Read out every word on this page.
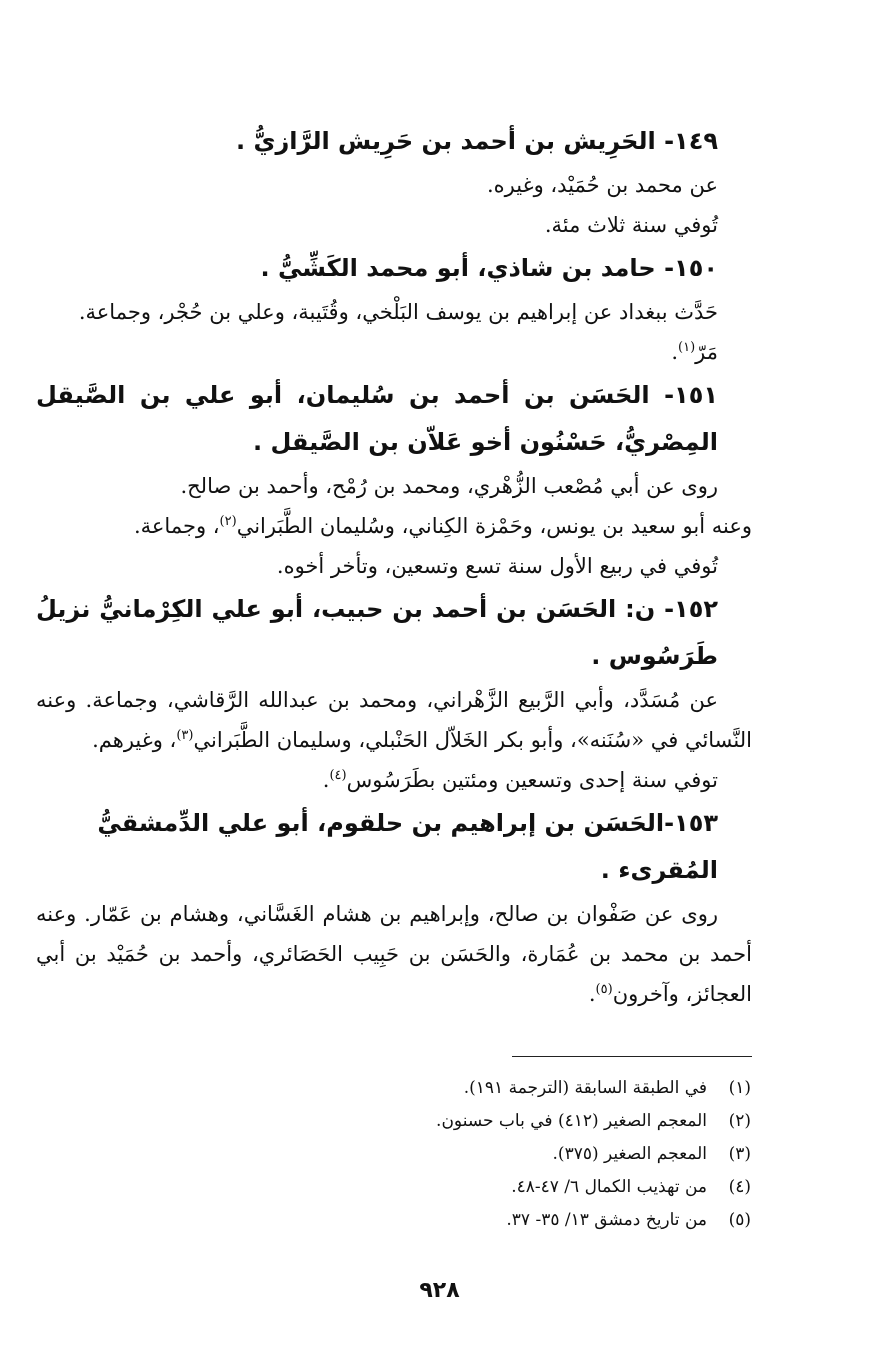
١٤٩- الحَرِيش بن أحمد بن حَرِيش الرَّازيُّ .

عن محمد بن حُمَيْد، وغيره.

تُوفي سنة ثلاث مئة.

١٥٠- حامد بن شاذي، أبو محمد الكَشِّيُّ .

حَدَّث ببغداد عن إبراهيم بن يوسف البَلْخي، وقُتَيبة، وعلي بن حُجْر، وجماعة.

مَرّ$^{(١)}$.

١٥١- الحَسَن بن أحمد بن سُليمان، أبو علي بن الصَّيقل المِصْريُّ، حَسْنُون أخو عَلاّن بن الصَّيقل .

روى عن أبي مُصْعب الزُّهْري، ومحمد بن رُمْح، وأحمد بن صالح.

وعنه أبو سعيد بن يونس، وحَمْزة الكِناني، وسُليمان الطَّبَراني$^{(٢)}$، وجماعة.

تُوفي في ربيع الأول سنة تسع وتسعين، وتأخر أخوه.

١٥٢- ن: الحَسَن بن أحمد بن حبيب، أبو علي الكِرْمانيُّ نزيلُ طَرَسُوس .

عن مُسَدَّد، وأبي الرَّبيع الزَّهْراني، ومحمد بن عبدالله الرَّقاشي، وجماعة. وعنه النَّسائي في «سُنَنه»، وأبو بكر الخَلاّل الحَنْبلي، وسليمان الطَّبَراني$^{(٣)}$، وغيرهم.

توفي سنة إحدى وتسعين ومئتين بطَرَسُوس$^{(٤)}$.

١٥٣-الحَسَن بن إبراهيم بن حلقوم، أبو علي الدِّمشقيُّ المُقرىء .

روى عن صَفْوان بن صالح، وإبراهيم بن هشام الغَسَّاني، وهشام بن عَمّار. وعنه أحمد بن محمد بن عُمَارة، والحَسَن بن حَبِيب الحَصَائري، وأحمد بن حُمَيْد بن أبي العجائز، وآخرون$^{(٥)}$.

(١)في الطبقة السابقة (الترجمة ١٩١).

(٢)المعجم الصغير (٤١٢) في باب حسنون.

(٣)المعجم الصغير (٣٧٥).

(٤)من تهذيب الكمال ٦/ ٤٧-٤٨.

(٥)من تاريخ دمشق ١٣/ ٣٥- ٣٧.

٩٢٨
